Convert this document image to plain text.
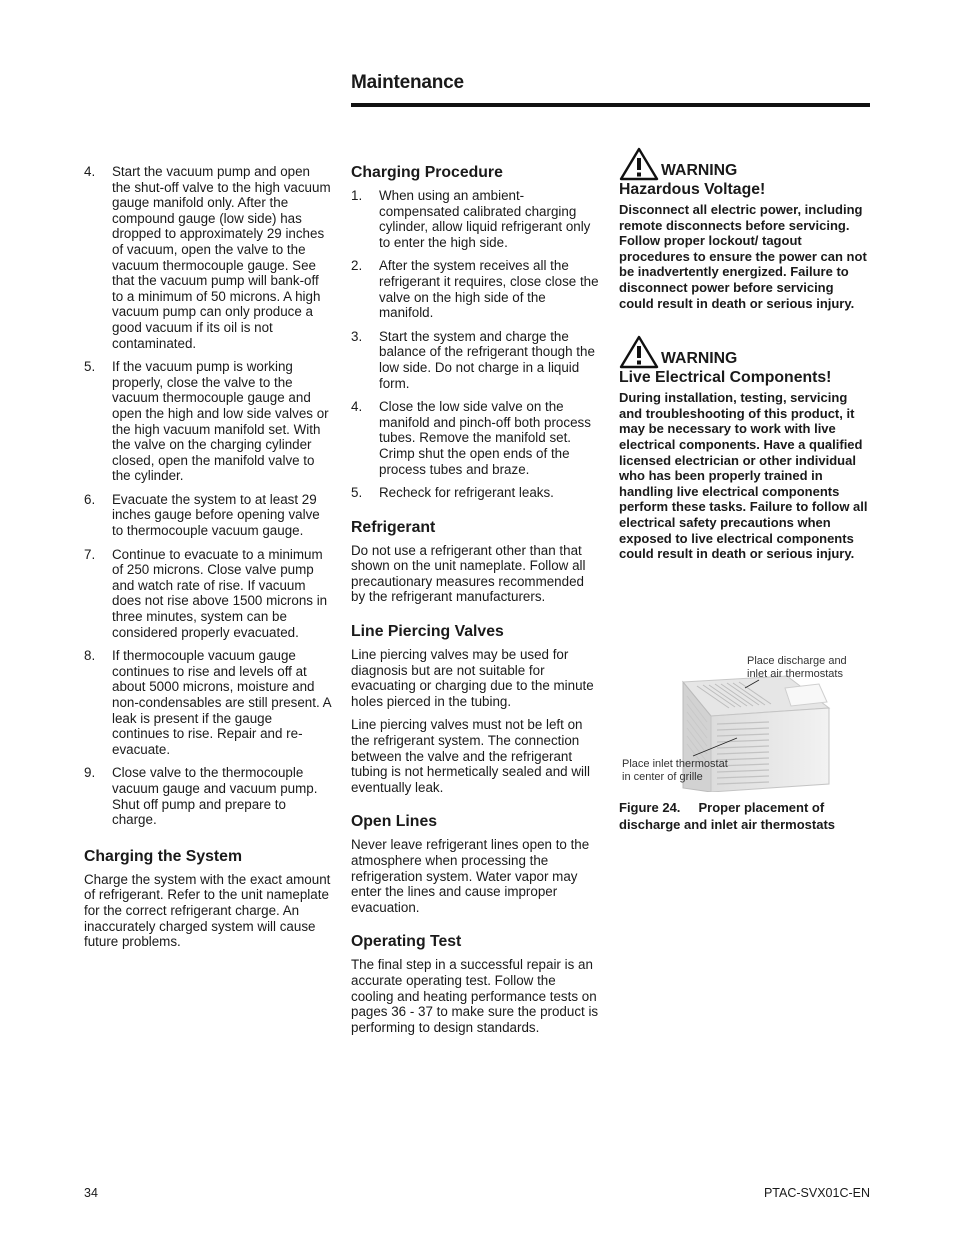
Maintenance
4.	Start the vacuum pump and open the shut-off valve to the high vacuum gauge manifold only. After the compound gauge (low side) has dropped to approximately 29 inches of vacuum, open the valve to the vacuum thermocouple gauge. See that the vacuum pump will bank-off to a minimum of 50 microns. A high vacuum pump can only produce a good vacuum if its oil is not contaminated.
5.	If the vacuum pump is working properly, close the valve to the vacuum thermocouple gauge and open the high and low side valves or the high vacuum manifold set. With the valve on the charging cylinder closed, open the manifold valve to the cylinder.
6.	Evacuate the system to at least 29 inches gauge before opening valve to thermocouple vacuum gauge.
7.	Continue to evacuate to a minimum of 250 microns. Close valve pump and watch rate of rise. If vacuum does not rise above 1500 microns in three minutes, system can be considered properly evacuated.
8.	If thermocouple vacuum gauge continues to rise and levels off at about 5000 microns, moisture and non-condensables are still present. A leak is present if the gauge continues to rise. Repair and re-evacuate.
9.	Close valve to the thermocouple vacuum gauge and vacuum pump. Shut off pump and prepare to charge.
Charging the System

Charge the system with the exact amount of refrigerant. Refer to the unit nameplate for the correct refrigerant charge. An inaccurately charged system will cause future problems.

Charging Procedure
1.	When using an ambient-compensated calibrated charging cylinder, allow liquid refrigerant only to enter the high side.
2.	After the system receives all the refrigerant it requires, close close the valve on the high side of the manifold.
3.	Start the system and charge the balance of the refrigerant though the low side. Do not charge in a liquid form.
4.	Close the low side valve on the manifold and pinch-off both process tubes. Remove the manifold set. Crimp shut the open ends of the process tubes and braze.
5.	Recheck for refrigerant leaks.
Refrigerant

Do not use a refrigerant other than that shown on the unit nameplate. Follow all precautionary measures recommended by the refrigerant manufacturers.

Line Piercing Valves

Line piercing valves may be used for diagnosis but are not suitable for evacuating or charging due to the minute holes pierced in the tubing.

Line piercing valves must not be left on the refrigerant system. The connection between the valve and the refrigerant tubing is not hermetically sealed and will eventually leak.

Open Lines

Never leave refrigerant lines open to the atmosphere when processing the refrigeration system. Water vapor may enter the lines and cause improper evacuation.

Operating Test

The final step in a successful repair is an accurate operating test. Follow the cooling and heating performance tests on pages 36 - 37 to make sure the product is performing to design standards.

WARNING
Hazardous Voltage!

Disconnect all electric power, including remote disconnects before servicing. Follow proper lockout/ tagout procedures to ensure the power can not be inadvertently energized. Failure to disconnect power before servicing could result in death or serious injury.

WARNING
Live Electrical Components!

During installation, testing, servicing and troubleshooting of this product, it may be necessary to work with live electrical components. Have a qualified licensed electrician or other individual who has been properly trained in handling live electrical components perform these tasks. Failure to follow all electrical safety precautions when exposed to live electrical components could result in death or serious injury.

Place discharge and
inlet air thermostats
Place inlet thermostat
in center of grille
Figure 24.     Proper placement of discharge and inlet air thermostats
34	PTAC-SVX01C-EN
